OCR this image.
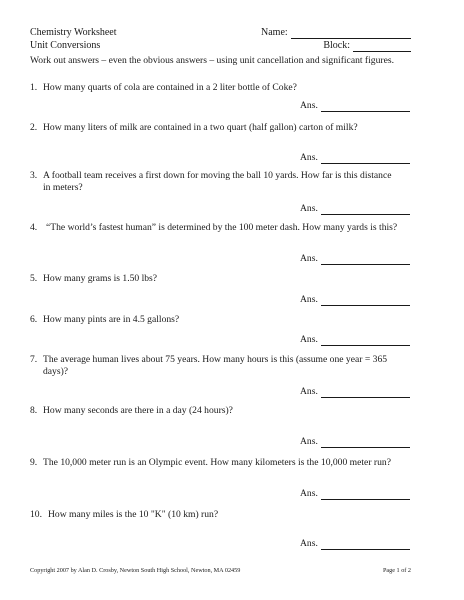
Chemistry Worksheet
Unit Conversions
Name:
Block:
Work out answers – even the obvious answers – using unit cancellation and significant figures.
1. How many quarts of cola are contained in a 2 liter bottle of Coke?
Ans.
2. How many liters of milk are contained in a two quart (half gallon) carton of milk?
Ans.
3. A football team receives a first down for moving the ball 10 yards. How far is this distance
in meters?
Ans.
4. “The world’s fastest human” is determined by the 100 meter dash. How many yards is this?
Ans.
5. How many grams is 1.50 lbs?
Ans.
6. How many pints are in 4.5 gallons?
Ans.
7. The average human lives about 75 years. How many hours is this (assume one year = 365
days)?
Ans.
8. How many seconds are there in a day (24 hours)?
Ans.
9. The 10,000 meter run is an Olympic event. How many kilometers is the 10,000 meter run?
Ans.
10. How many miles is the 10 "K" (10 km) run?
Ans.
Copyright 2007 by Alan D. Crosby, Newton South High School, Newton, MA 02459	Page 1 of 2
